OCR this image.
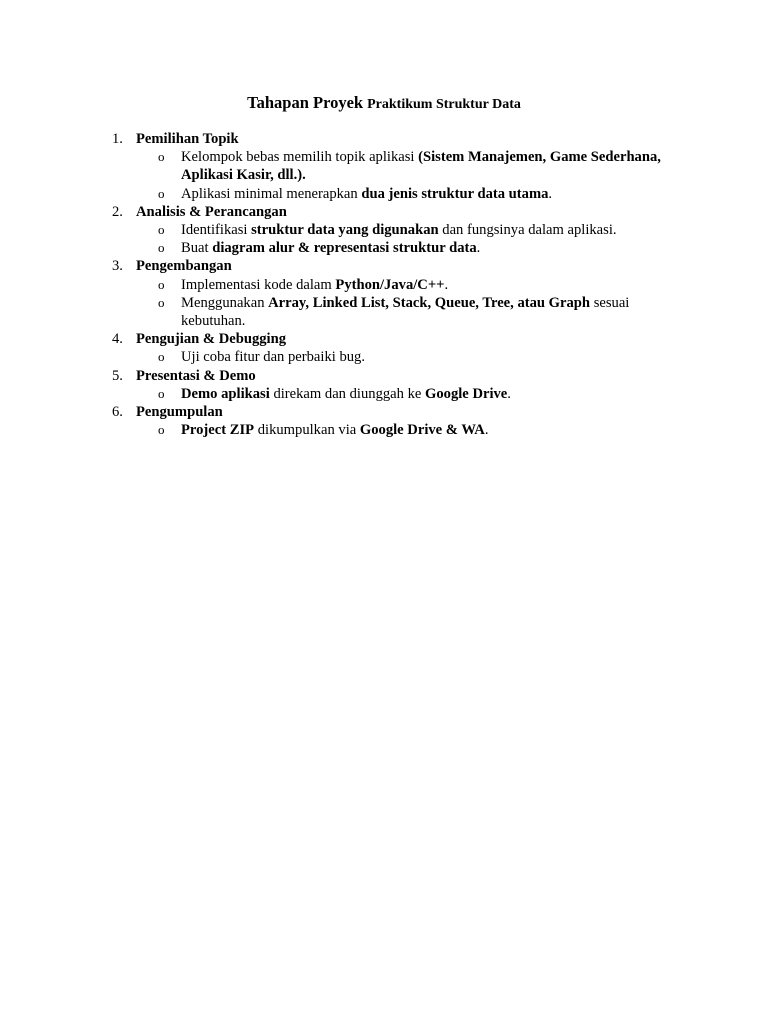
Tahapan Proyek Praktikum Struktur Data
1. Pemilihan Topik
o Kelompok bebas memilih topik aplikasi (Sistem Manajemen, Game Sederhana, Aplikasi Kasir, dll.).
o Aplikasi minimal menerapkan dua jenis struktur data utama.
2. Analisis & Perancangan
o Identifikasi struktur data yang digunakan dan fungsinya dalam aplikasi.
o Buat diagram alur & representasi struktur data.
3. Pengembangan
o Implementasi kode dalam Python/Java/C++.
o Menggunakan Array, Linked List, Stack, Queue, Tree, atau Graph sesuai kebutuhan.
4. Pengujian & Debugging
o Uji coba fitur dan perbaiki bug.
5. Presentasi & Demo
o Demo aplikasi direkam dan diunggah ke Google Drive.
6. Pengumpulan
o Project ZIP dikumpulkan via Google Drive & WA.
